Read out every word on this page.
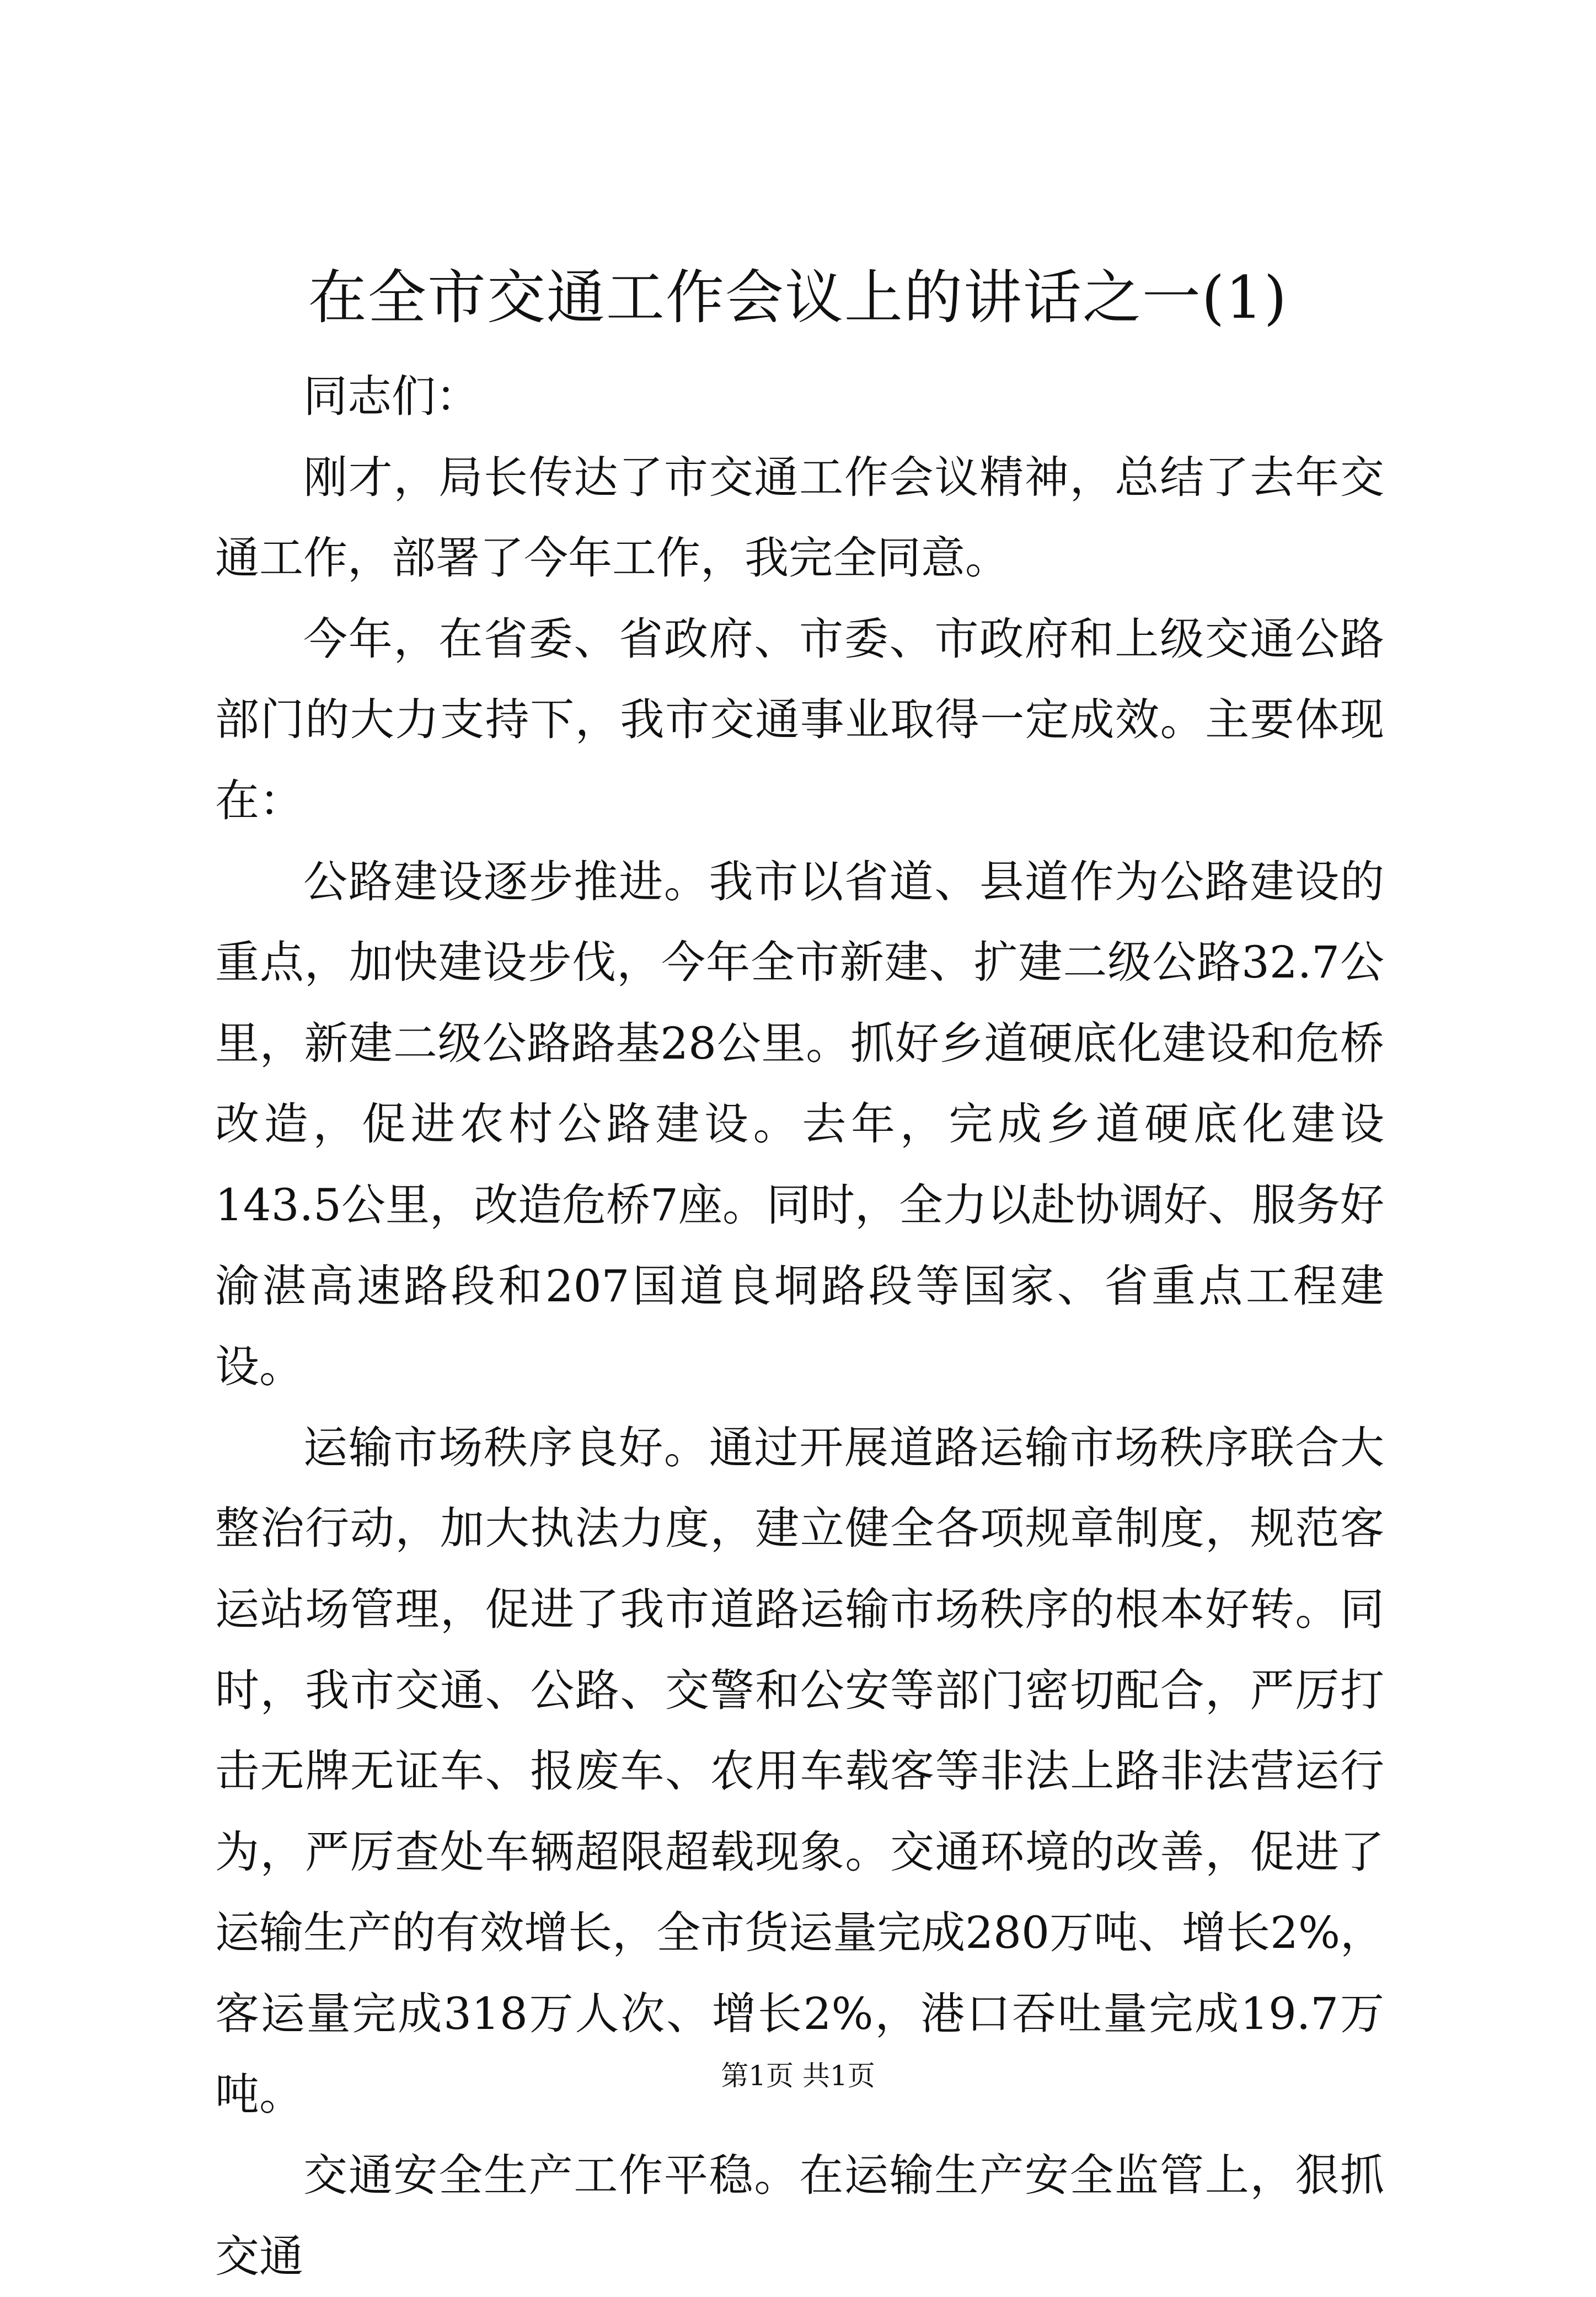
在全市交通工作会议上的讲话之一(1)

同志们：

刚才，局长传达了市交通工作会议精神，总结了去年交通工作，部署了今年工作，我完全同意。

今年，在省委、省政府、市委、市政府和上级交通公路部门的大力支持下，我市交通事业取得一定成效。主要体现在：

公路建设逐步推进。我市以省道、县道作为公路建设的重点，加快建设步伐，今年全市新建、扩建二级公路32.7公里，新建二级公路路基28公里。抓好乡道硬底化建设和危桥改造，促进农村公路建设。去年，完成乡道硬底化建设143.5公里，改造危桥7座。同时，全力以赴协调好、服务好渝湛高速路段和207国道良垌路段等国家、省重点工程建设。

运输市场秩序良好。通过开展道路运输市场秩序联合大整治行动，加大执法力度，建立健全各项规章制度，规范客运站场管理，促进了我市道路运输市场秩序的根本好转。同时，我市交通、公路、交警和公安等部门密切配合，严厉打击无牌无证车、报废车、农用车载客等非法上路非法营运行为，严厉查处车辆超限超载现象。交通环境的改善，促进了运输生产的有效增长，全市货运量完成280万吨、增长2%，客运量完成318万人次、增长2%，港口吞吐量完成19.7万吨。

交通安全生产工作平稳。在运输生产安全监管上，狠抓交通

第1页 共1页
